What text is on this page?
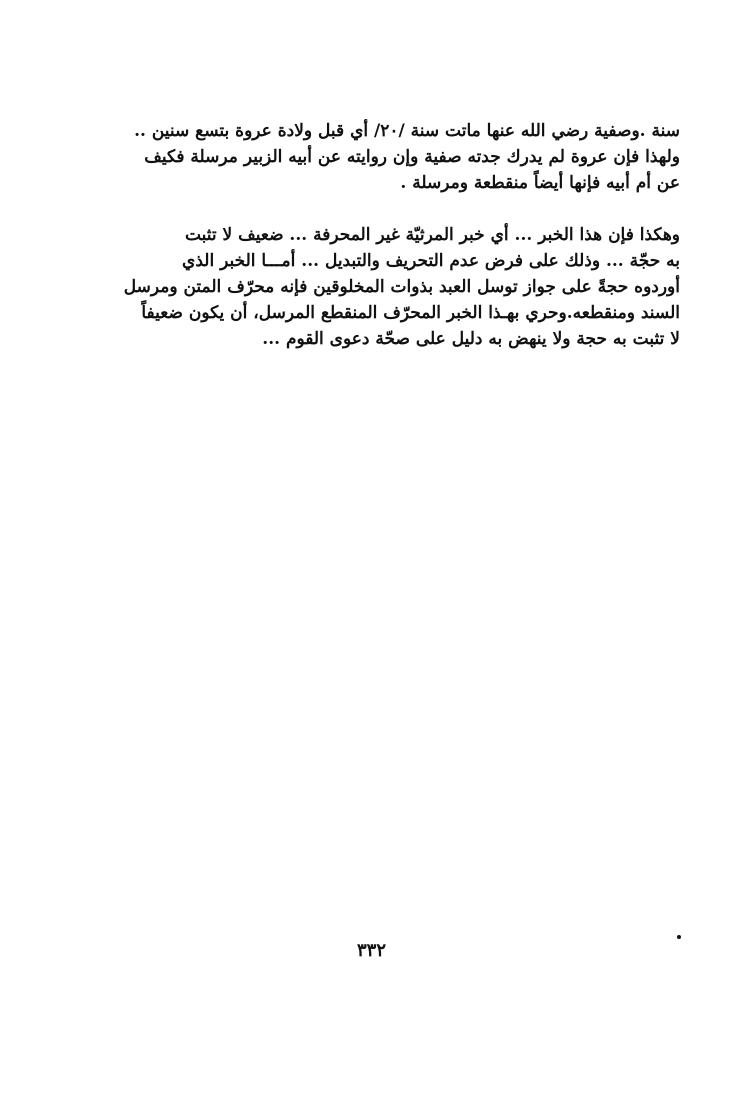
سنة .وصفية رضي الله عنها ماتت سنة /٢٠/ أي قبل ولادة عروة بتسع سنين ..
ولهذا فإن عروة لم يدرك جدته صفية وإن روايته عن أبيه الزبير مرسلة فكيف
عن أم أبيه فإنها أيضاً منقطعة ومرسلة .
وهكذا فإن هذا الخبر ... أي خبر المرثيّة غير المحرفة ... ضعيف لا تثبت
به حجّة ... وذلك على فرض عدم التحريف والتبديل ... أمـــا الخبر الذي
أوردوه حجةً على جواز توسل العبد بذوات المخلوقين فإنه محرّف المتن ومرسل
السند ومنقطعه.وحري بهـذا الخبر المحرّف المنقطع المرسل، أن يكون ضعيفاً
لا تثبت به حجة ولا ينهض به دليل على صحّة دعوى القوم ...
٣٣٢
